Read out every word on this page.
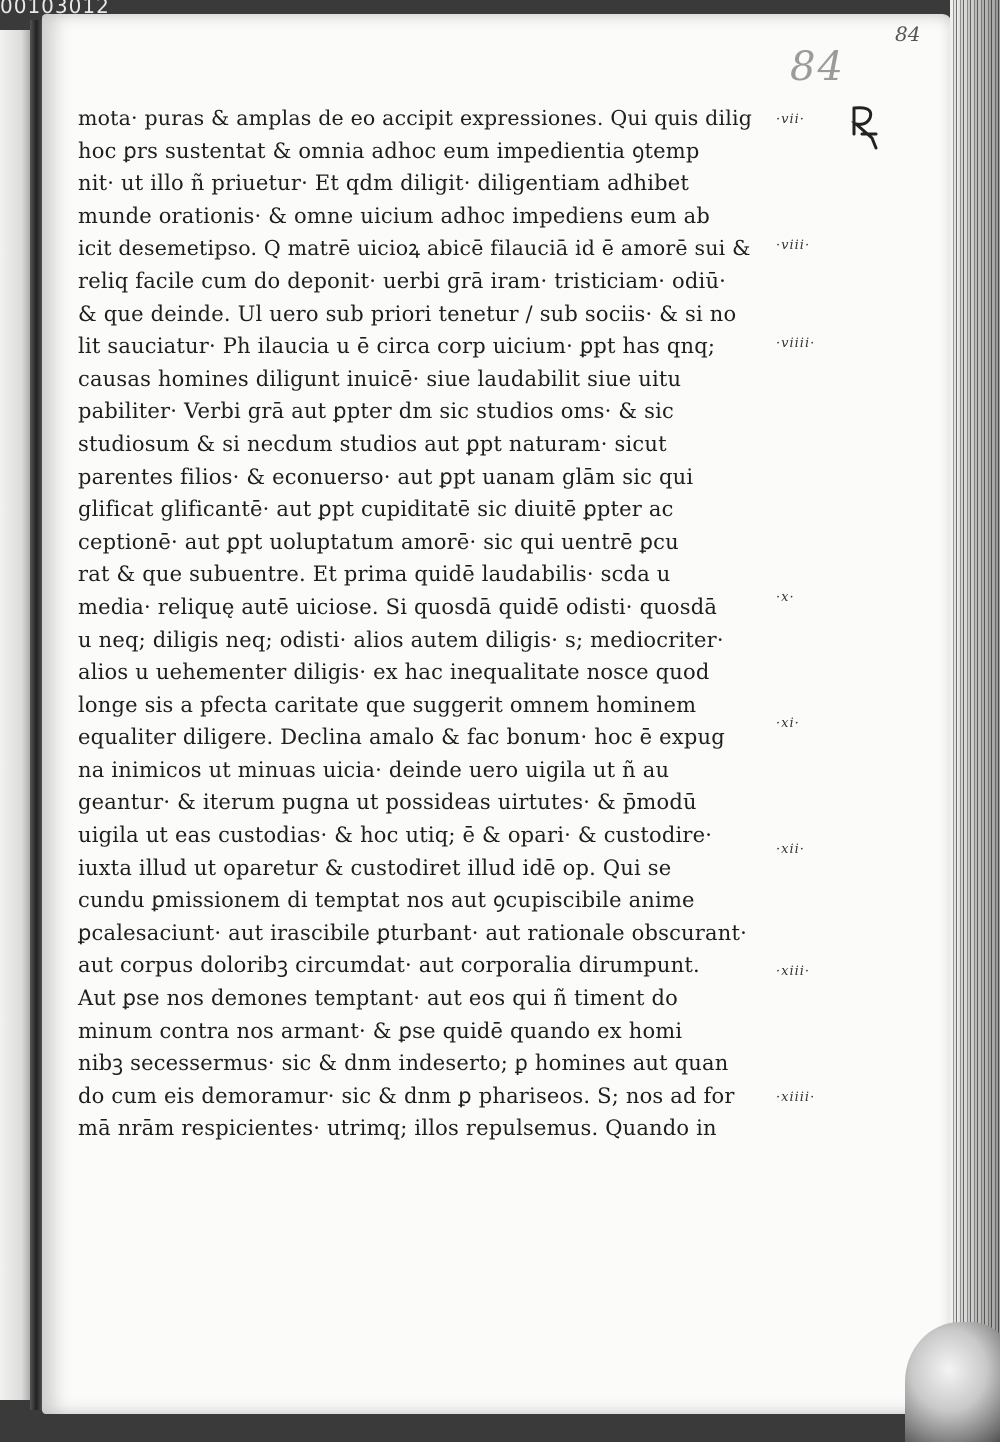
00103012
84
84
mota· puras & amplas de eo accipit expressiones. Qui quis dilig
hoc ꝑrs sustentat & omnia adhoc eum impedientia ꝯtemp
nit· ut illo ñ priuetur· Et qdm diligit· diligentiam adhibet
munde orationis· & omne uicium adhoc impediens eum ab
icit desemetipso. Q matrē uicioꝝ abicē filauciā id ē amorē sui &
reliq facile cum do deponit· uerbi grā iram· tristiciam· odiū·
& que deinde. Ul uero sub priori tenetur / sub sociis· & si no
lit sauciatur· Ph ilaucia u ē circa corp uicium· ꝑpt has qnq;
causas homines diligunt inuicē· siue laudabilit siue uitu
pabiliter· Verbi grā aut ꝑpter dm sic studios oms· & sic
studiosum & si necdum studios aut ꝑpt naturam· sicut
parentes filios· & econuerso· aut ꝑpt uanam glām sic qui
glificat glificantē· aut ꝑpt cupiditatē sic diuitē ꝑpter ac
ceptionē· aut ꝑpt uoluptatum amorē· sic qui uentrē ꝑcu
rat & que subuentre. Et prima quidē laudabilis· scda u
media· reliquę autē uiciose. Si quosdā quidē odisti· quosdā
u neq; diligis neq; odisti· alios autem diligis· s; mediocriter·
alios u uehementer diligis· ex hac inequalitate nosce quod
longe sis a pfecta caritate que suggerit omnem hominem
equaliter diligere. Declina amalo & fac bonum· hoc ē expug
na inimicos ut minuas uicia· deinde uero uigila ut ñ au
geantur· & iterum pugna ut possideas uirtutes· & p̄modū
uigila ut eas custodias· & hoc utiq; ē & opari· & custodire·
iuxta illud ut oparetur & custodiret illud idē op. Qui se
cundu ꝑmissionem di temptat nos aut ꝯcupiscibile anime
ꝑcalesaciunt· aut irascibile ꝑturbant· aut rationale obscurant·
aut corpus doloribꝫ circumdat· aut corporalia dirumpunt.
Aut ꝑse nos demones temptant· aut eos qui ñ timent do
minum contra nos armant· & ꝑse quidē quando ex homi
nibꝫ secessermus· sic & dnm indeserto; ꝑ homines aut quan
do cum eis demoramur· sic & dnm ꝑ phariseos. S; nos ad for
mā nrām respicientes· utrimq; illos repulsemus. Quando in
·vii·
·viii·
·viiii·
·x·
·xi·
·xii·
·xiii·
·xiiii·
